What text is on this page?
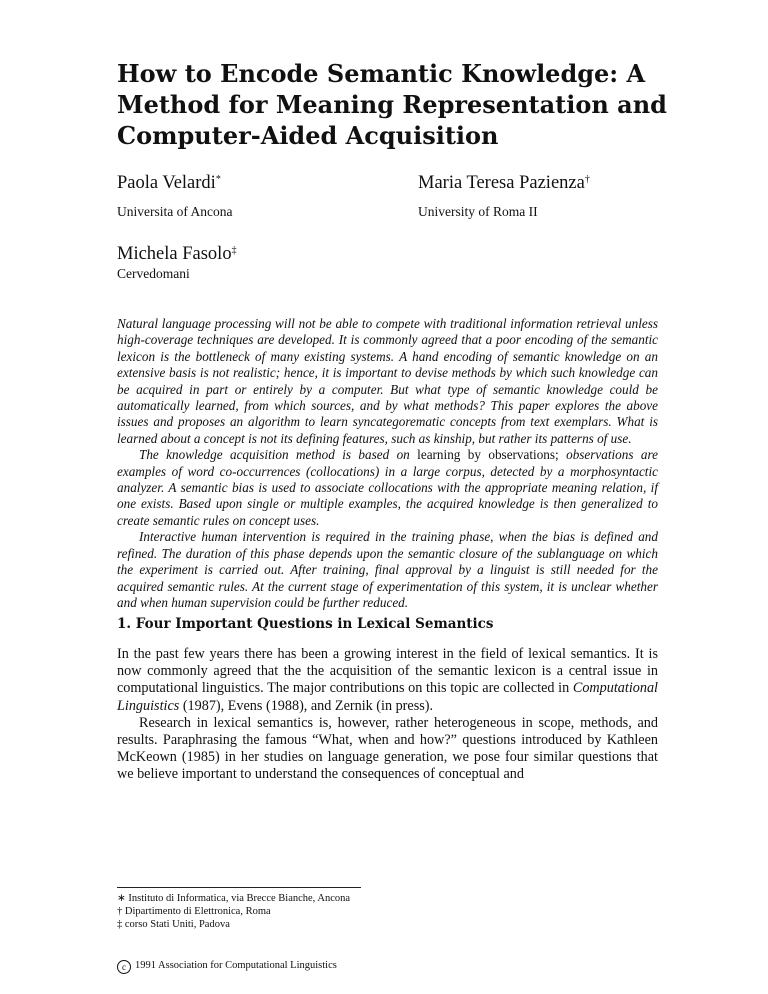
How to Encode Semantic Knowledge: A
Method for Meaning Representation and
Computer-Aided Acquisition

Paola Velardi*

Universita of Ancona

Maria Teresa Pazienza†

University of Roma II

Michela Fasolo‡

Cervedomani

Natural language processing will not be able to compete with traditional information retrieval unless high-coverage techniques are developed. It is commonly agreed that a poor encoding of the semantic lexicon is the bottleneck of many existing systems. A hand encoding of semantic knowledge on an extensive basis is not realistic; hence, it is important to devise methods by which such knowledge can be acquired in part or entirely by a computer. But what type of semantic knowledge could be automatically learned, from which sources, and by what methods? This paper explores the above issues and proposes an algorithm to learn syncategorematic concepts from text exemplars. What is learned about a concept is not its defining features, such as kinship, but rather its patterns of use.

The knowledge acquisition method is based on learning by observations; observations are examples of word co-occurrences (collocations) in a large corpus, detected by a morphosyntactic analyzer. A semantic bias is used to associate collocations with the appropriate meaning relation, if one exists. Based upon single or multiple examples, the acquired knowledge is then generalized to create semantic rules on concept uses.

Interactive human intervention is required in the training phase, when the bias is defined and refined. The duration of this phase depends upon the semantic closure of the sublanguage on which the experiment is carried out. After training, final approval by a linguist is still needed for the acquired semantic rules. At the current stage of experimentation of this system, it is unclear whether and when human supervision could be further reduced.

1. Four Important Questions in Lexical Semantics

In the past few years there has been a growing interest in the field of lexical semantics. It is now commonly agreed that the the acquisition of the semantic lexicon is a central issue in computational linguistics. The major contributions on this topic are collected in Computational Linguistics (1987), Evens (1988), and Zernik (in press).

Research in lexical semantics is, however, rather heterogeneous in scope, methods, and results. Paraphrasing the famous “What, when and how?” questions introduced by Kathleen McKeown (1985) in her studies on language generation, we pose four similar questions that we believe important to understand the consequences of conceptual and

∗ Instituto di Informatica, via Brecce Bianche, Ancona
† Dipartimento di Elettronica, Roma
‡ corso Stati Uniti, Padova
c 1991 Association for Computational Linguistics
